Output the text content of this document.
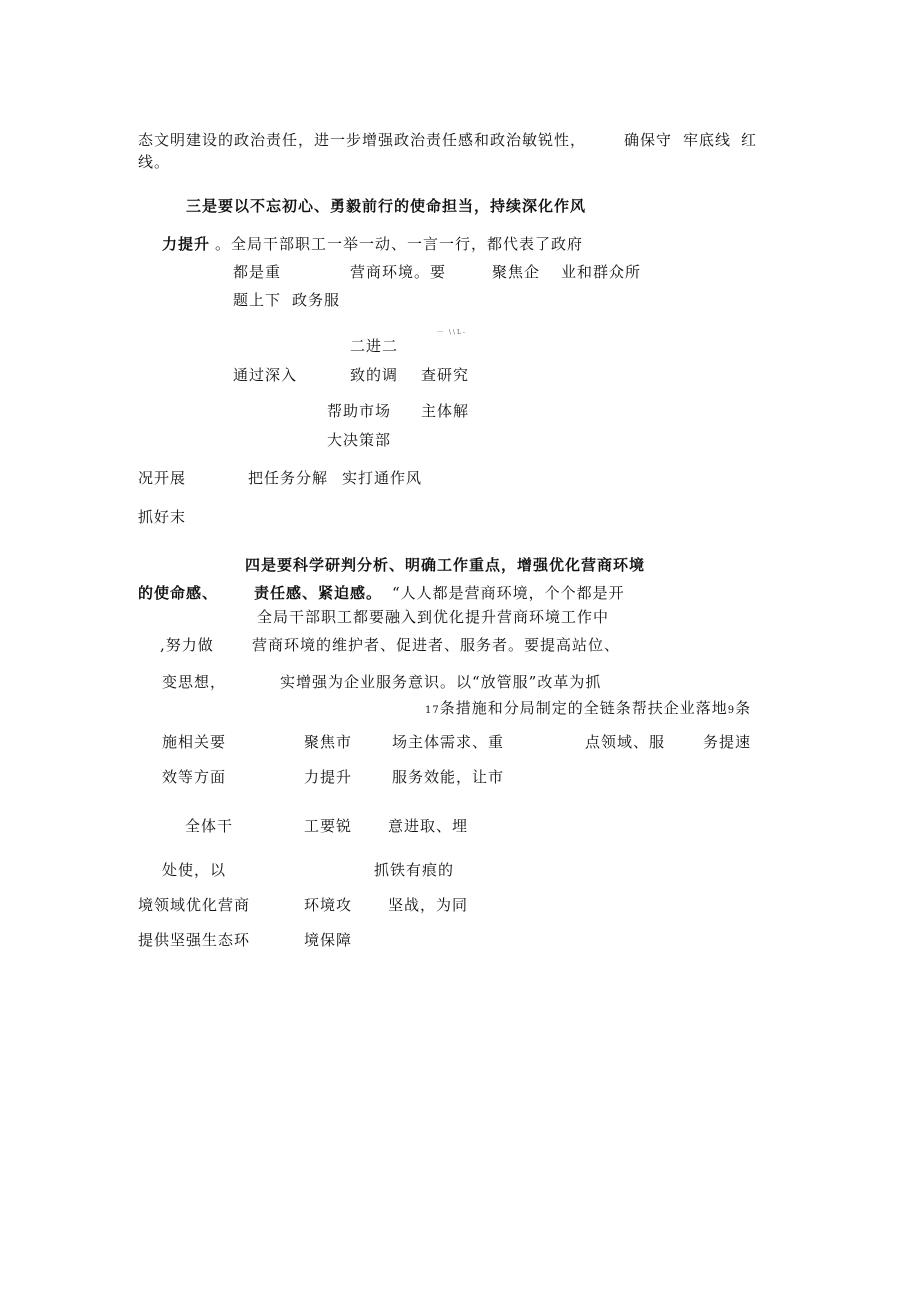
态文明建设的政治责任，进一步增强政治责任感和政治敏锐性，	确保守 牢底线 红
线。
三是要以不忘初心、勇毅前行的使命担当，持续深化作风
力提升 。全局干部职工一举一动、一言一行，都代表了政府
都是重	营商环境。要	聚焦企 业和群众所
题上下 政务服
一 \\L-
二进二
通过深入	致的调 查研究
帮助市场 主体解
大决策部
况开展	把任务分解 实打通作风
抓好末
四是要科学研判分析、明确工作重点，增强优化营商环境
的使命感、 责任感、紧迫感。 “人人都是营商环境，个个都是开
全局干部职工都要融入到优化提升营商环境工作中
,努力做	营商环境的维护者、促进者、服务者。要提高站位、
变思想，	实增强为企业服务意识。以“放管服”改革为抓
17条措施和分局制定的全链条帮扶企业落地9条
施相关要	聚焦市	场主体需求、重	点领域、服	务提速
效等方面	力提升	服务效能，让市
全体干	工要锐 意进取、埋
处使，以	抓铁有痕的
境领域优化营商	环境攻 坚战，为同
提供坚强生态环	境保障
